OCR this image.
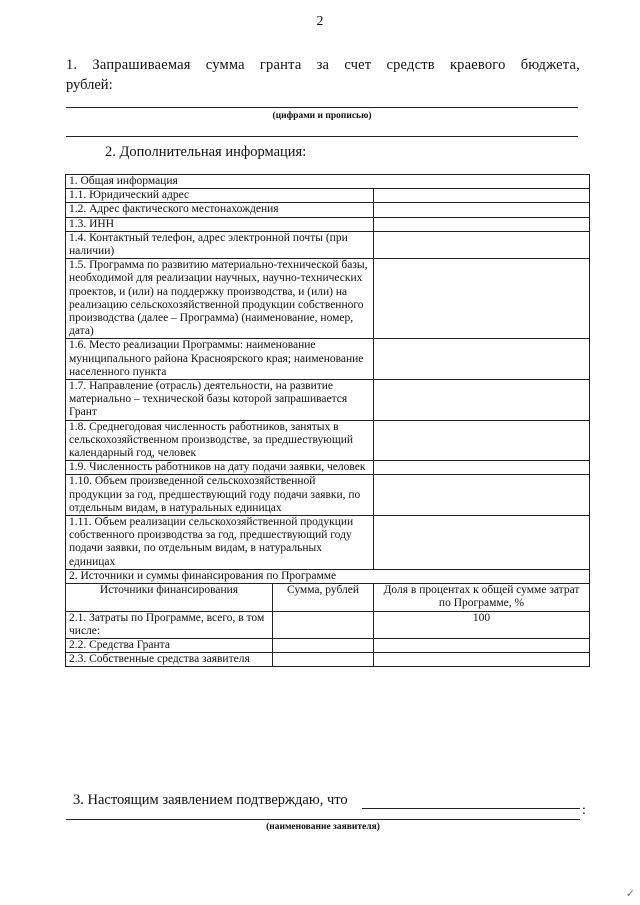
2
1. Запрашиваемая сумма гранта за счет средств краевого бюджета,
рублей:
(цифрами и прописью)
2. Дополнительная информация:
1. Общая информация		
1.1. Юридический адрес		
1.2. Адрес фактического местонахождения		
1.3. ИНН		
1.4. Контактный телефон, адрес электронной почты (при наличии)		
1.5. Программа по развитию материально-технической базы, необходимой для реализации научных, научно-технических проектов, и (или) на поддержку производства, и (или) на реализацию сельскохозяйственной продукции собственного производства (далее – Программа) (наименование, номер, дата)		
1.6. Место реализации Программы: наименование муниципального района Красноярского края; наименование населенного пункта		
1.7. Направление (отрасль) деятельности, на развитие материально – технической базы которой запрашивается Грант		
1.8. Среднегодовая численность работников, занятых в сельскохозяйственном производстве, за предшествующий календарный год, человек		
1.9. Численность работников на дату подачи заявки, человек		
1.10. Объем произведенной сельскохозяйственной продукции за год, предшествующий году подачи заявки, по отдельным видам, в натуральных единицах		
1.11. Объем реализации сельскохозяйственной продукции собственного производства за год, предшествующий году подачи заявки, по отдельным видам, в натуральных единицах		
2. Источники и суммы финансирования по Программе		
Источники финансирования	Сумма, рублей	Доля в процентах к общей сумме затрат по Программе, %
2.1. Затраты по Программе, всего, в том числе:		100
2.2. Средства Гранта		
2.3. Собственные средства заявителя		
3. Настоящим заявлением подтверждаю, что
:
(наименование заявителя)
✓
